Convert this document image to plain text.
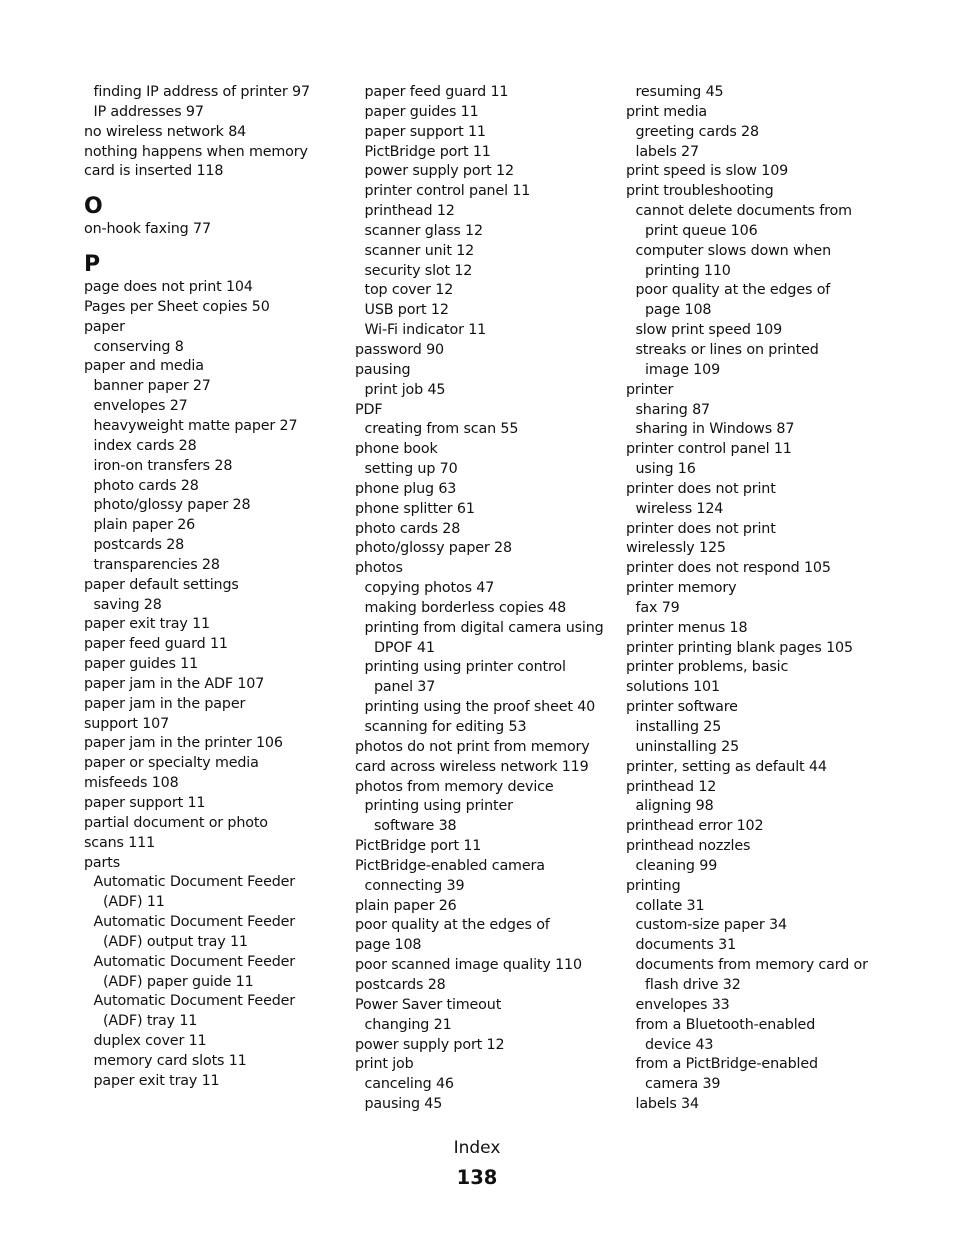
finding IP address of printer 97
IP addresses 97
no wireless network 84
nothing happens when memory
card is inserted 118
O
on-hook faxing 77
P
page does not print 104
Pages per Sheet copies 50
paper
conserving 8
paper and media
banner paper 27
envelopes 27
heavyweight matte paper 27
index cards 28
iron-on transfers 28
photo cards 28
photo/glossy paper 28
plain paper 26
postcards 28
transparencies 28
paper default settings
saving 28
paper exit tray 11
paper feed guard 11
paper guides 11
paper jam in the ADF 107
paper jam in the paper
support 107
paper jam in the printer 106
paper or specialty media
misfeeds 108
paper support 11
partial document or photo
scans 111
parts
Automatic Document Feeder
(ADF) 11
Automatic Document Feeder
(ADF) output tray 11
Automatic Document Feeder
(ADF) paper guide 11
Automatic Document Feeder
(ADF) tray 11
duplex cover 11
memory card slots 11
paper exit tray 11
paper feed guard 11
paper guides 11
paper support 11
PictBridge port 11
power supply port 12
printer control panel 11
printhead 12
scanner glass 12
scanner unit 12
security slot 12
top cover 12
USB port 12
Wi-Fi indicator 11
password 90
pausing
print job 45
PDF
creating from scan 55
phone book
setting up 70
phone plug 63
phone splitter 61
photo cards 28
photo/glossy paper 28
photos
copying photos 47
making borderless copies 48
printing from digital camera using
DPOF 41
printing using printer control
panel 37
printing using the proof sheet 40
scanning for editing 53
photos do not print from memory
card across wireless network 119
photos from memory device
printing using printer
software 38
PictBridge port 11
PictBridge-enabled camera
connecting 39
plain paper 26
poor quality at the edges of
page 108
poor scanned image quality 110
postcards 28
Power Saver timeout
changing 21
power supply port 12
print job
canceling 46
pausing 45
resuming 45
print media
greeting cards 28
labels 27
print speed is slow 109
print troubleshooting
cannot delete documents from
print queue 106
computer slows down when
printing 110
poor quality at the edges of
page 108
slow print speed 109
streaks or lines on printed
image 109
printer
sharing 87
sharing in Windows 87
printer control panel 11
using 16
printer does not print
wireless 124
printer does not print
wirelessly 125
printer does not respond 105
printer memory
fax 79
printer menus 18
printer printing blank pages 105
printer problems, basic
solutions 101
printer software
installing 25
uninstalling 25
printer, setting as default 44
printhead 12
aligning 98
printhead error 102
printhead nozzles
cleaning 99
printing
collate 31
custom-size paper 34
documents 31
documents from memory card or
flash drive 32
envelopes 33
from a Bluetooth-enabled
device 43
from a PictBridge-enabled
camera 39
labels 34
Index
138
